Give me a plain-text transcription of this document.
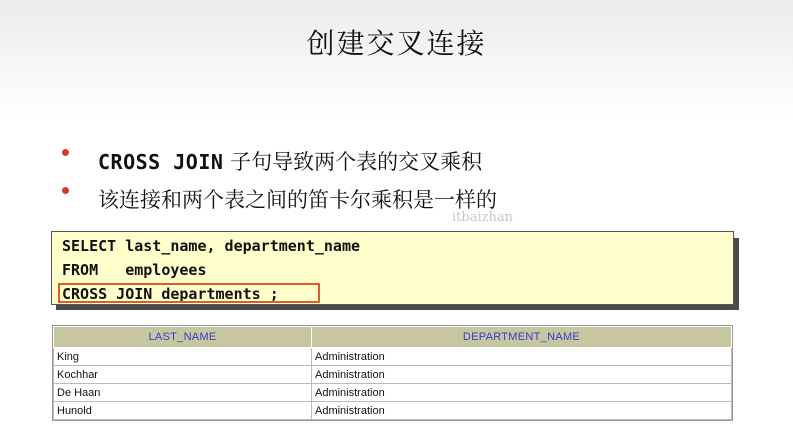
创建交叉连接
CROSS JOIN 子句导致两个表的交叉乘积
该连接和两个表之间的笛卡尔乘积是一样的
itbaizhan
SELECT last_name, department_name
FROM   employees
CROSS JOIN departments ;
LAST_NAME	DEPARTMENT_NAME
King	Administration
Kochhar	Administration
De Haan	Administration
Hunold	Administration
